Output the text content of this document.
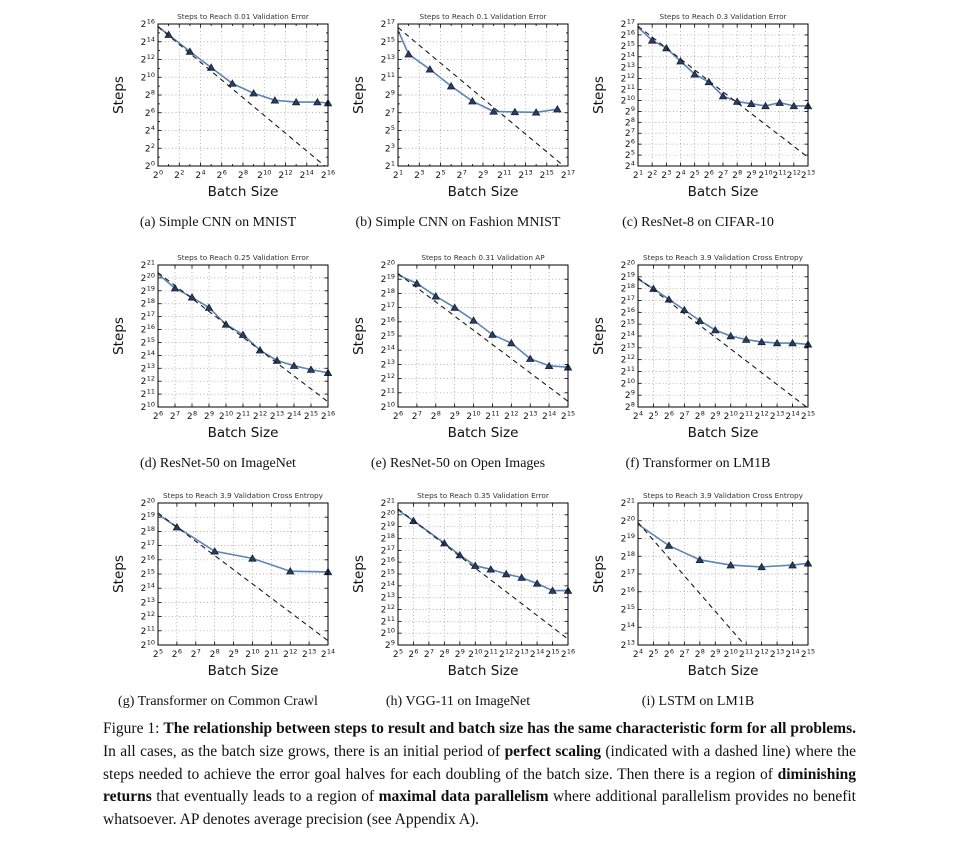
$2^0$ $2^2$ $2^4$ $2^6$ $2^8$ $2^{10}$ $2^{12}$ $2^{14}$ $2^{16}$
$2^0$
$2^2$
$2^4$
$2^6$
$2^8$
$2^{10}$
$2^{12}$
$2^{14}$
$2^{16}$
Steps to Reach 0.01 Validation Error
Batch Size
Steps
(a) Simple CNN on MNIST
$2^1$ $2^3$ $2^5$ $2^7$ $2^9$ $2^{11}$ $2^{13}$ $2^{15}$ $2^{17}$
$2^1$
$2^3$
$2^5$
$2^7$
$2^9$
$2^{11}$
$2^{13}$
$2^{15}$
$2^{17}$
Steps to Reach 0.1 Validation Error
Batch Size
Steps
(b) Simple CNN on Fashion MNIST
$2^1$ $2^2$ $2^3$ $2^4$ $2^5$ $2^6$ $2^7$ $2^8$ $2^9$ $2^{10}$ $2^{11}$ $2^{12}$ $2^{13}$
$2^4$
$2^5$
$2^6$
$2^7$
$2^8$
$2^9$
$2^{10}$
$2^{11}$
$2^{12}$
$2^{13}$
$2^{14}$
$2^{15}$
$2^{16}$
$2^{17}$
Steps to Reach 0.3 Validation Error
Batch Size
Steps
(c) ResNet-8 on CIFAR-10
$2^6$ $2^7$ $2^8$ $2^9$ $2^{10}$ $2^{11}$ $2^{12}$ $2^{13}$ $2^{14}$ $2^{15}$ $2^{16}$
$2^{10}$
$2^{11}$
$2^{12}$
$2^{13}$
$2^{14}$
$2^{15}$
$2^{16}$
$2^{17}$
$2^{18}$
$2^{19}$
$2^{20}$
$2^{21}$
Steps to Reach 0.25 Validation Error
Batch Size
Steps
(d) ResNet-50 on ImageNet
$2^6$ $2^7$ $2^8$ $2^9$ $2^{10}$ $2^{11}$ $2^{12}$ $2^{13}$ $2^{14}$ $2^{15}$
$2^{10}$
$2^{11}$
$2^{12}$
$2^{13}$
$2^{14}$
$2^{15}$
$2^{16}$
$2^{17}$
$2^{18}$
$2^{19}$
$2^{20}$
Steps to Reach 0.31 Validation AP
Batch Size
Steps
(e) ResNet-50 on Open Images
$2^4$ $2^5$ $2^6$ $2^7$ $2^8$ $2^9$ $2^{10}$ $2^{11}$ $2^{12}$ $2^{13}$ $2^{14}$ $2^{15}$
$2^8$
$2^9$
$2^{10}$
$2^{11}$
$2^{12}$
$2^{13}$
$2^{14}$
$2^{15}$
$2^{16}$
$2^{17}$
$2^{18}$
$2^{19}$
$2^{20}$
Steps to Reach 3.9 Validation Cross Entropy
Batch Size
Steps
(f) Transformer on LM1B
$2^5$ $2^6$ $2^7$ $2^8$ $2^9$ $2^{10}$ $2^{11}$ $2^{12}$ $2^{13}$ $2^{14}$
$2^{10}$
$2^{11}$
$2^{12}$
$2^{13}$
$2^{14}$
$2^{15}$
$2^{16}$
$2^{17}$
$2^{18}$
$2^{19}$
$2^{20}$
Steps to Reach 3.9 Validation Cross Entropy
Batch Size
Steps
(g) Transformer on Common Crawl
$2^5$ $2^6$ $2^7$ $2^8$ $2^9$ $2^{10}$ $2^{11}$ $2^{12}$ $2^{13}$ $2^{14}$ $2^{15}$ $2^{16}$
$2^9$
$2^{10}$
$2^{11}$
$2^{12}$
$2^{13}$
$2^{14}$
$2^{15}$
$2^{16}$
$2^{17}$
$2^{18}$
$2^{19}$
$2^{20}$
$2^{21}$
Steps to Reach 0.35 Validation Error
Batch Size
Steps
(h) VGG-11 on ImageNet
$2^4$ $2^5$ $2^6$ $2^7$ $2^8$ $2^9$ $2^{10}$ $2^{11}$ $2^{12}$ $2^{13}$ $2^{14}$ $2^{15}$
$2^{13}$
$2^{14}$
$2^{15}$
$2^{16}$
$2^{17}$
$2^{18}$
$2^{19}$
$2^{20}$
$2^{21}$
Steps to Reach 3.9 Validation Cross Entropy
Batch Size
Steps
(i) LSTM on LM1B

Figure 1: The relationship between steps to result and batch size has the same characteristic form for all problems. In all cases, as the batch size grows, there is an initial period of perfect scaling (indicated with a dashed line) where the steps needed to achieve the error goal halves for each doubling of the batch size. Then there is a region of diminishing returns that eventually leads to a region of maximal data parallelism where additional parallelism provides no benefit whatsoever. AP denotes average precision (see Appendix A).
